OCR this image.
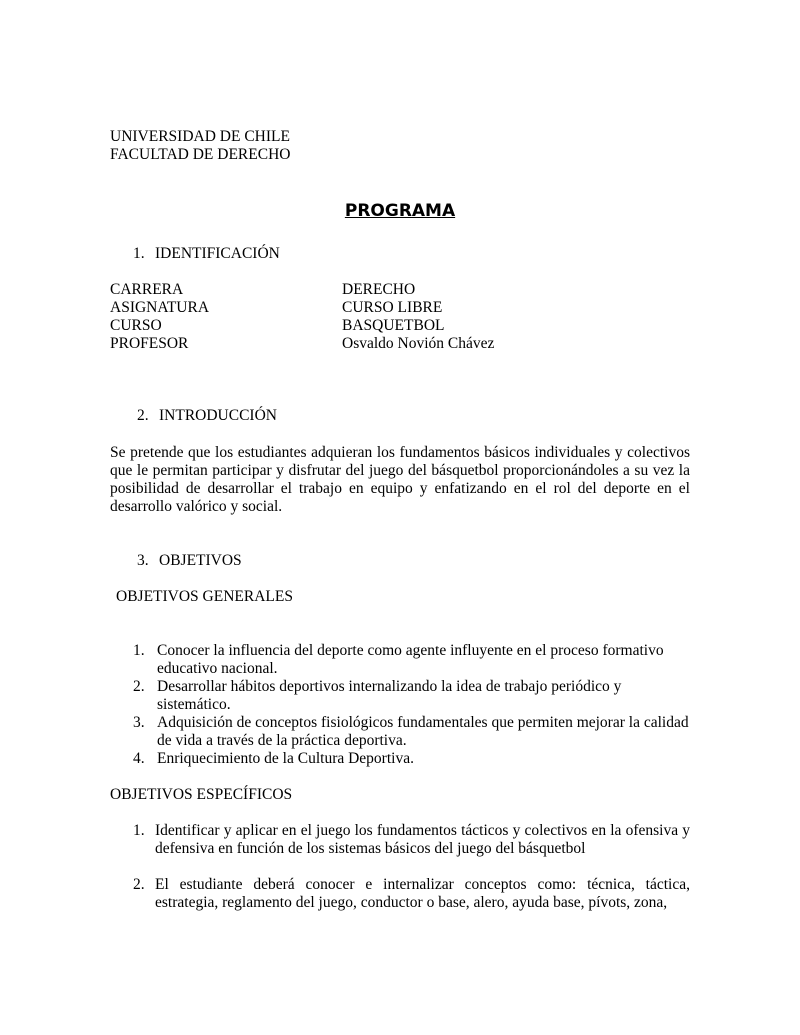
UNIVERSIDAD DE CHILE
FACULTAD DE DERECHO
PROGRAMA
1. IDENTIFICACIÓN
CARRERA	DERECHO
ASIGNATURA	CURSO LIBRE
CURSO	BASQUETBOL
PROFESOR	Osvaldo Novión Chávez
2. INTRODUCCIÓN

Se pretende que los estudiantes adquieran los fundamentos básicos individuales y colectivos que le permitan participar y disfrutar del juego del básquetbol proporcionándoles a su vez la posibilidad de desarrollar el trabajo en equipo y enfatizando en el rol del deporte en el desarrollo valórico y social.

3. OBJETIVOS
OBJETIVOS GENERALES
1. Conocer la influencia del deporte como agente influyente en el proceso formativo educativo nacional.
2. Desarrollar hábitos deportivos internalizando la idea de trabajo periódico y sistemático.
3. Adquisición de conceptos fisiológicos fundamentales que permiten mejorar la calidad de vida a través de la práctica deportiva.
4. Enriquecimiento de la Cultura Deportiva.
OBJETIVOS ESPECÍFICOS
1. Identificar y aplicar en el juego los fundamentos tácticos y colectivos en la ofensiva y defensiva en función de los sistemas básicos del juego del básquetbol
2. El estudiante deberá conocer e internalizar conceptos como: técnica, táctica, estrategia, reglamento del juego, conductor o base, alero, ayuda base, pívots, zona,
